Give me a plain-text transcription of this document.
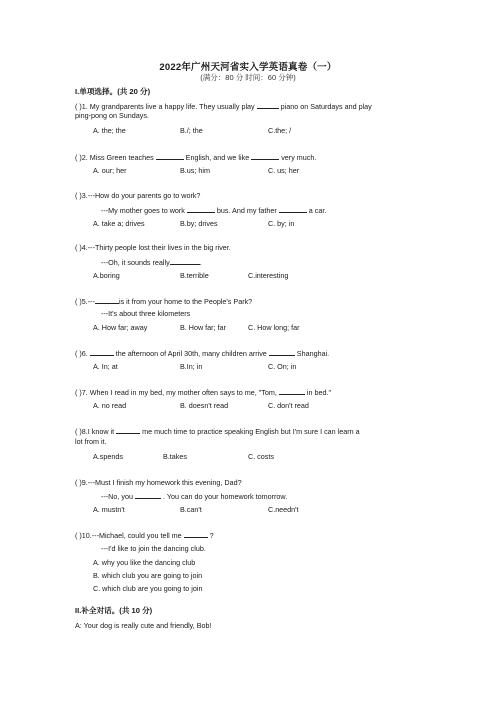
2022年广州天河省实入学英语真卷（一）
(满分：80 分 时间：60 分钟)
I.单项选择。(共 20 分)
( )1. My grandparents live a happy life. They usually play	piano on Saturdays and play
ping-pong on Sundays.
A. the; the	B./; the	C.the; /
( )2. Miss Green teaches	English, and we like	very much.
A. our; her	B.us; him	C. us; her
( )3.---How do your parents go to work?
---My mother goes to work	bus. And my father	a car.
A. take a; drives	B.by; drives	C. by; in
( )4.---Thirty people lost their lives in the big river.
---Oh, it sounds really	.
A.boring	B.terrible	C.interesting
( )5.---	is it from your home to the People's Park?
---It's about three kilometers
A. How far; away	B. How far; far	C. How long; far
( )6.	the afternoon of April 30th, many children arrive	Shanghai.
A. In; at	B.In; in	C. On; in
( )7. When I read in my bed, my mother often says to me, "Tom,	in bed."
A. no read	B. doesn't read	C. don't read
( )8.I know it	me much time to practice speaking English but I'm sure I can learn a
lot from it.
A.spends	B.takes	C. costs
( )9.---Must I finish my homework this evening, Dad?
---No, you	. You can do your homework tomorrow.
A. mustn't	B.can't	C.needn't
( )10.---Michael, could you tell me	?
---I'd like to join the dancing club.
A. why you like the dancing club
B. which club you are going to join
C. which club are you going to join
II.补全对话。(共 10 分)
A: Your dog is really cute and friendly, Bob!
